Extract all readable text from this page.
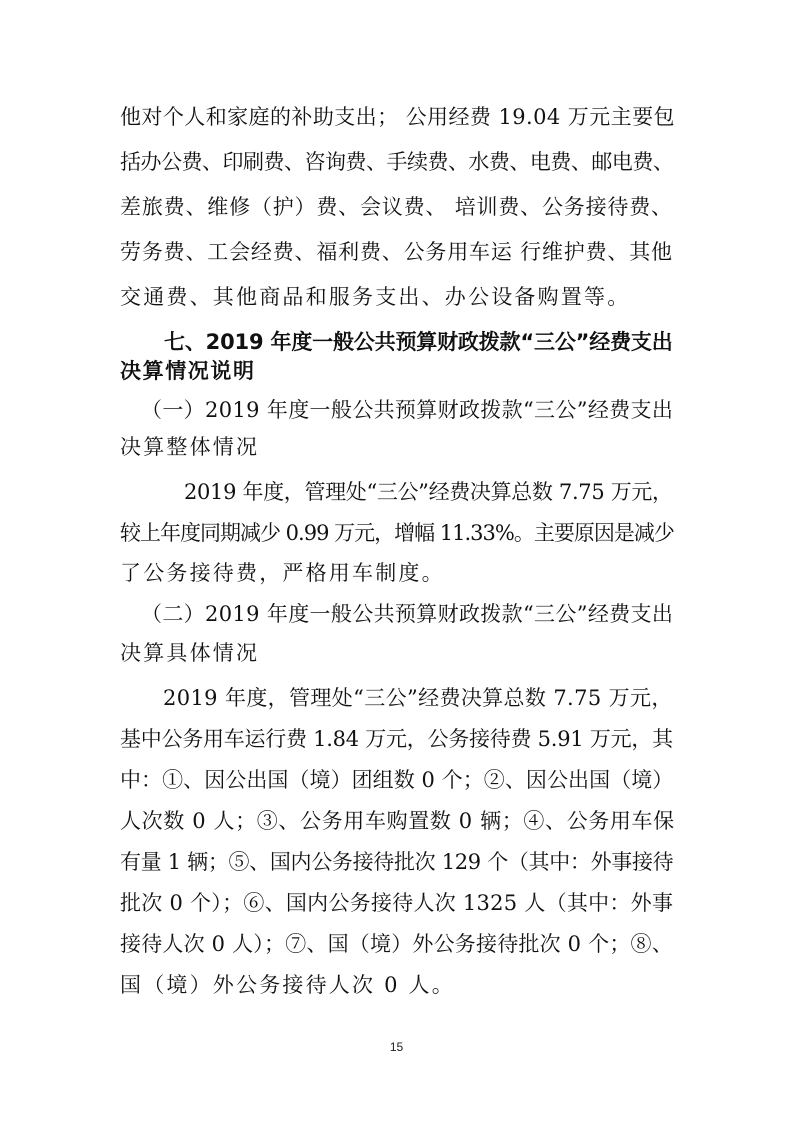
他对个人和家庭的补助支出； 公用经费 19.04 万元主要包
括办公费、印刷费、咨询费、手续费、水费、电费、邮电费、
差旅费、维修（护）费、会议费、 培训费、公务接待费、
劳务费、工会经费、福利费、公务用车运 行维护费、其他
交通费、其他商品和服务支出、办公设备购置等。
七、2019 年度一般公共预算财政拨款“三公”经费支出
决算情况说明
（一）2019 年度一般公共预算财政拨款“三公”经费支出
决算整体情况
2019 年度，管理处“三公”经费决算总数 7.75 万元，
较上年度同期减少 0.99 万元，增幅 11.33%。主要原因是减少
了公务接待费，严格用车制度。
（二）2019 年度一般公共预算财政拨款“三公”经费支出
决算具体情况
2019 年度，管理处“三公”经费决算总数 7.75 万元，
基中公务用车运行费 1.84 万元，公务接待费 5.91 万元，其
中：①、因公出国（境）团组数 0 个；②、因公出国（境）
人次数 0 人；③、公务用车购置数 0 辆；④、公务用车保
有量 1 辆；⑤、国内公务接待批次 129 个（其中：外事接待
批次 0 个）；⑥、国内公务接待人次 1325 人（其中：外事
接待人次 0 人）；⑦、国（境）外公务接待批次 0 个；⑧、
国（境）外公务接待人次 0 人。
15
